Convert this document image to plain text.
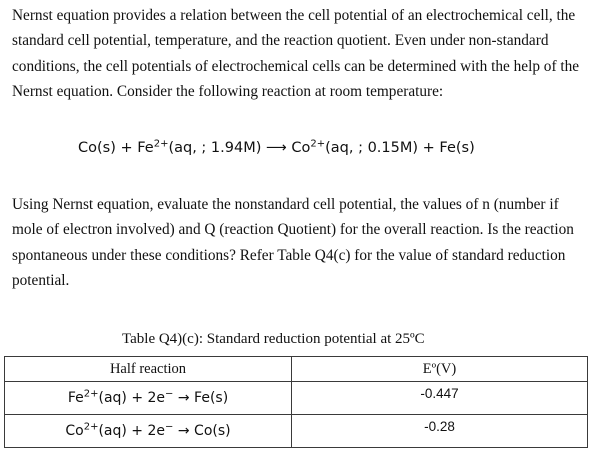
Nernst equation provides a relation between the cell potential of an electrochemical cell, the standard cell potential, temperature, and the reaction quotient. Even under non-standard conditions, the cell potentials of electrochemical cells can be determined with the help of the Nernst equation. Consider the following reaction at room temperature:

$Co(s) + Fe^{2+}(aq$, ; 1.94M) ⟶ $Co^{2+}(aq$, ; 0.15M) + Fe(s)

Using Nernst equation, evaluate the nonstandard cell potential, the values of n (number if mole of electron involved) and Q (reaction Quotient) for the overall reaction. Is the reaction spontaneous under these conditions? Refer Table Q4(c) for the value of standard reduction potential.

Table Q4)(c): Standard reduction potential at 25ºC
Half reaction	Eº(V)
$Fe^{2+}(aq) + 2e^- \to Fe(s)$	-0.447
$Co^{2+}(aq) + 2e^- \to Co(s)$	-0.28
